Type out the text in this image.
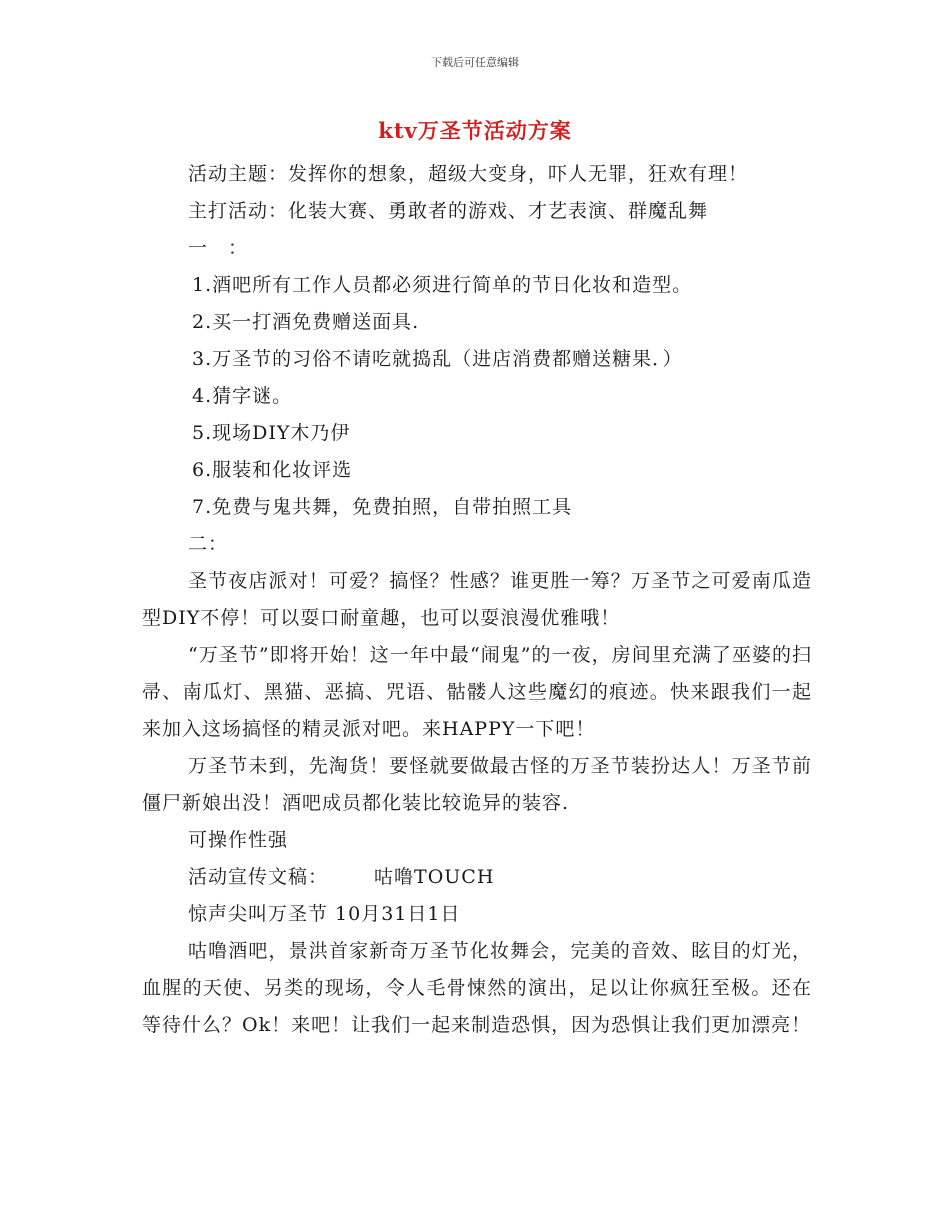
下载后可任意编辑
ktv万圣节活动方案

活动主题：发挥你的想象，超级大变身，吓人无罪，狂欢有理！

主打活动：化装大赛、勇敢者的游戏、才艺表演、群魔乱舞

一　：

1.酒吧所有工作人员都必须进行简单的节日化妆和造型。

2.买一打酒免费赠送面具.

3.万圣节的习俗不请吃就捣乱（进店消费都赠送糖果．）

4.猜字谜。

5.现场DIY木乃伊

6.服装和化妆评选

7.免费与鬼共舞，免费拍照，自带拍照工具

二：

圣节夜店派对！可爱？搞怪？性感？谁更胜一筹？万圣节之可爱南瓜造型DIY不停！可以耍口耐童趣，也可以耍浪漫优雅哦！

“万圣节”即将开始！这一年中最“闹鬼”的一夜，房间里充满了巫婆的扫帚、南瓜灯、黑猫、恶搞、咒语、骷髅人这些魔幻的痕迹。快来跟我们一起来加入这场搞怪的精灵派对吧。来HAPPY一下吧！

万圣节未到，先淘货！要怪就要做最古怪的万圣节装扮达人！万圣节前僵尸新娘出没！酒吧成员都化装比较诡异的装容.

可操作性强

活动宣传文稿： 咕噜TOUCH

惊声尖叫万圣节 10月31日1日

咕噜酒吧，景洪首家新奇万圣节化妆舞会，完美的音效、眩目的灯光，血腥的天使、另类的现场，令人毛骨悚然的演出，足以让你疯狂至极。还在等待什么？Ok！来吧！让我们一起来制造恐惧，因为恐惧让我们更加漂亮！
